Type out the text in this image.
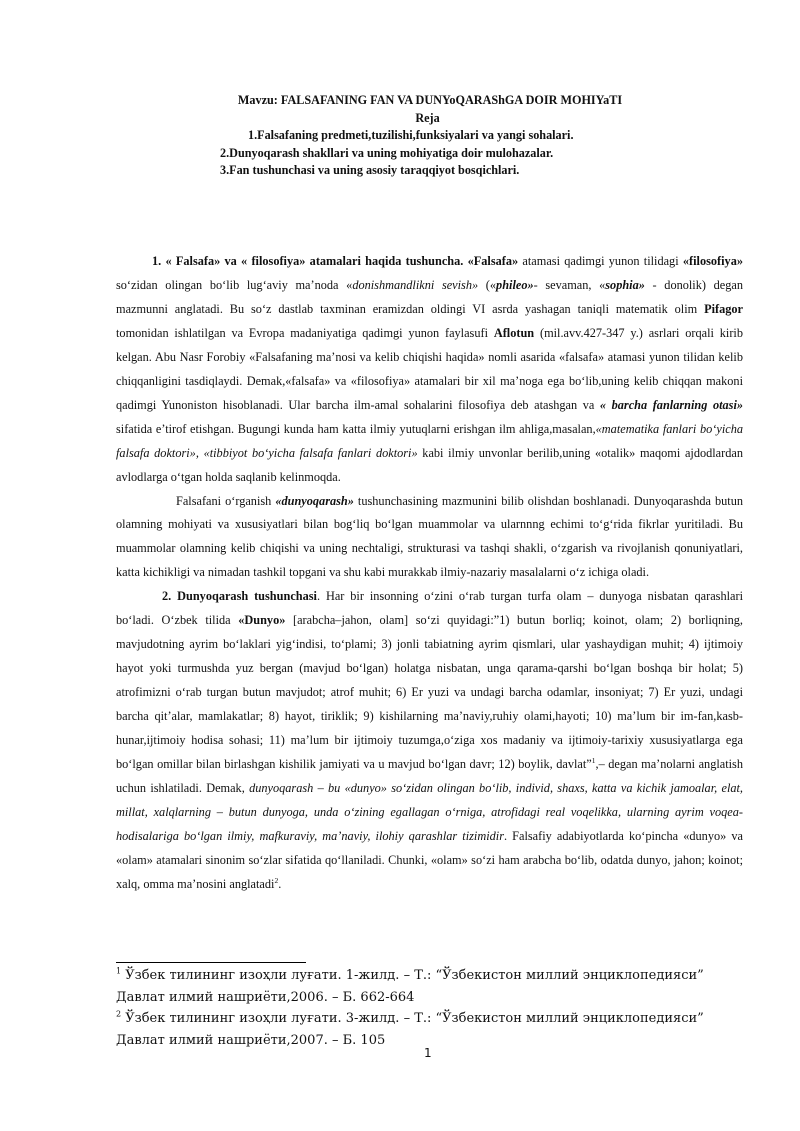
Mavzu: FALSAFANING FAN VA DUNYoQARAShGA DOIR MOHIYaTI
Reja
1.Falsafaning predmeti,tuzilishi,funksiyalari va yangi sohalari.
2.Dunyoqarash shakllari va uning mohiyatiga doir mulohazalar.
3.Fan tushunchasi va uning asosiy taraqqiyot bosqichlari.

1. « Falsafa» va « filosofiya» atamalari haqida tushuncha. «Falsafa» atamasi qadimgi yunon tilidagi «filosofiya» so‘zidan olingan bo‘lib lug‘aviy ma’noda «donishmandlikni sevish» («phileo»- sevaman, «sophia» - donolik) degan mazmunni anglatadi. Bu so‘z dastlab taxminan eramizdan oldingi VI asrda yashagan taniqli matematik olim Pifagor tomonidan ishlatilgan va Evropa madaniyatiga qadimgi yunon faylasufi Aflotun (mil.avv.427-347 y.) asrlari orqali kirib kelgan. Abu Nasr Forobiy «Falsafaning ma’nosi va kelib chiqishi haqida» nomli asarida «falsafa» atamasi yunon tilidan kelib chiqqanligini tasdiqlaydi. Demak,«falsafa» va «filosofiya» atamalari bir xil ma’noga ega bo‘lib,uning kelib chiqqan makoni qadimgi Yunoniston hisoblanadi. Ular barcha ilm-amal sohalarini filosofiya deb atashgan va « barcha fanlarning otasi» sifatida e’tirof etishgan. Bugungi kunda ham katta ilmiy yutuqlarni erishgan ilm ahliga,masalan,«matematika fanlari bo‘yicha falsafa doktori», «tibbiyot bo‘yicha falsafa fanlari doktori» kabi ilmiy unvonlar berilib,uning «otalik» maqomi ajdodlardan avlodlarga o‘tgan holda saqlanib kelinmoqda.

Falsafani o‘rganish «dunyoqarash» tushunchasining mazmunini bilib olishdan boshlanadi. Dunyoqarashda butun olamning mohiyati va xususiyatlari bilan bog‘liq bo‘lgan muammolar va ularnnng echimi to‘g‘rida fikrlar yuritiladi. Bu muammolar olamning kelib chiqishi va uning nechtaligi, strukturasi va tashqi shakli, o‘zgarish va rivojlanish qonuniyatlari, katta kichikligi va nimadan tashkil topgani va shu kabi murakkab ilmiy-nazariy masalalarni o‘z ichiga oladi.

2. Dunyoqarash tushunchasi. Har bir insonning o‘zini o‘rab turgan turfa olam – dunyoga nisbatan qarashlari bo‘ladi. O‘zbek tilida «Dunyo» [arabcha–jahon, olam] so‘zi quyidagi:”1) butun borliq; koinot, olam; 2) borliqning, mavjudotning ayrim bo‘laklari yig‘indisi, to‘plami; 3) jonli tabiatning ayrim qismlari, ular yashaydigan muhit; 4) ijtimoiy hayot yoki turmushda yuz bergan (mavjud bo‘lgan) holatga nisbatan, unga qarama-qarshi bo‘lgan boshqa bir holat; 5) atrofimizni o‘rab turgan butun mavjudot; atrof muhit; 6) Er yuzi va undagi barcha odamlar, insoniyat; 7) Er yuzi, undagi barcha qit’alar, mamlakatlar; 8) hayot, tiriklik; 9) kishilarning ma’naviy,ruhiy olami,hayoti; 10) ma’lum bir im-fan,kasb-hunar,ijtimoiy hodisa sohasi; 11) ma’lum bir ijtimoiy tuzumga,o‘ziga xos madaniy va ijtimoiy-tarixiy xususiyatlarga ega bo‘lgan omillar bilan birlashgan kishilik jamiyati va u mavjud bo‘lgan davr; 12) boylik, davlat”$^1$,– degan ma’nolarni anglatish uchun ishlatiladi. Demak, dunyoqarash – bu «dunyo» so‘zidan olingan bo‘lib, individ, shaxs, katta va kichik jamoalar, elat, millat, xalqlarning – butun dunyoga, unda o‘zining egallagan o‘rniga, atrofidagi real voqelikka, ularning ayrim voqea-hodisalariga bo‘lgan ilmiy, mafkuraviy, ma’naviy, ilohiy qarashlar tizimidir. Falsafiy adabiyotlarda ko‘pincha «dunyo» va «olam» atamalari sinonim so‘zlar sifatida qo‘llaniladi. Chunki, «olam» so‘zi ham arabcha bo‘lib, odatda dunyo, jahon; koinot; xalq, omma ma’nosini anglatadi$^2$.

$^1$ Ўзбек тилининг изоҳли луғати. 1-жилд. – Т.: “Ўзбекистон миллий энциклопедияси” Давлат илмий нашриёти,2006. – Б. 662-664

$^2$ Ўзбек тилининг изоҳли луғати. 3-жилд. – Т.: “Ўзбекистон миллий энциклопедияси” Давлат илмий нашриёти,2007. – Б. 105

1
